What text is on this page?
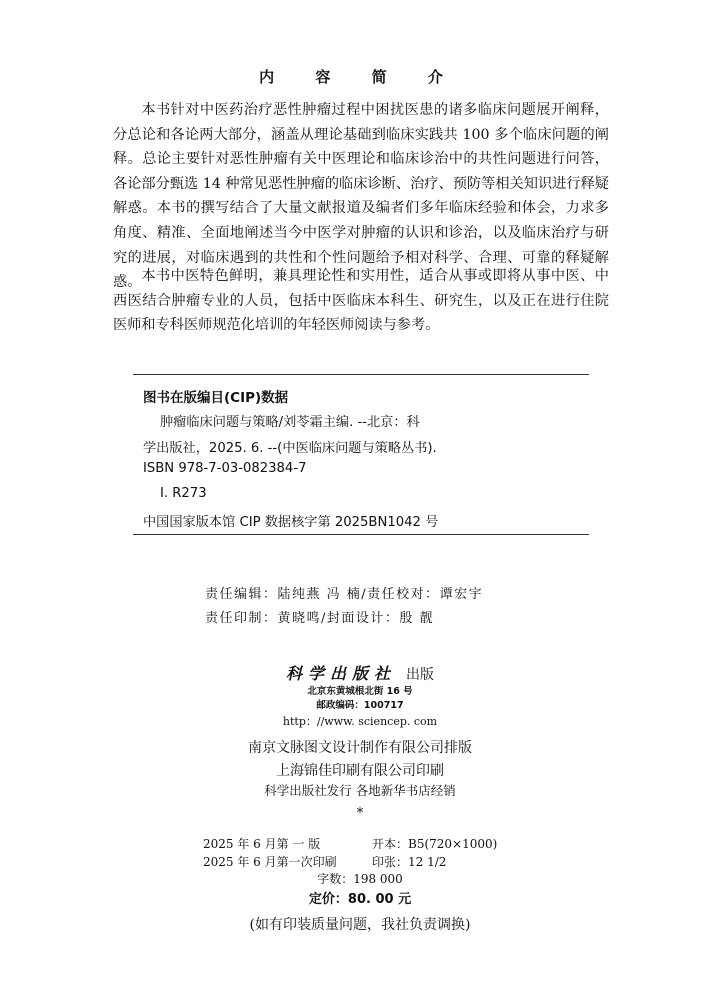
内 容 简 介

本书针对中医药治疗恶性肿瘤过程中困扰医患的诸多临床问题展开阐释，分总论和各论两大部分，涵盖从理论基础到临床实践共 100 多个临床问题的阐释。总论主要针对恶性肿瘤有关中医理论和临床诊治中的共性问题进行问答，各论部分甄选 14 种常见恶性肿瘤的临床诊断、治疗、预防等相关知识进行释疑解惑。本书的撰写结合了大量文献报道及编者们多年临床经验和体会，力求多角度、精准、全面地阐述当今中医学对肿瘤的认识和诊治，以及临床治疗与研究的进展，对临床遇到的共性和个性问题给予相对科学、合理、可靠的释疑解惑。 本书中医特色鲜明，兼具理论性和实用性，适合从事或即将从事中医、中西医结合肿瘤专业的人员，包括中医临床本科生、研究生，以及正在进行住院医师和专科医师规范化培训的年轻医师阅读与参考。

图书在版编目(CIP)数据

肿瘤临床问题与策略/刘苓霜主编. --北京：科

学出版社，2025. 6. --(中医临床问题与策略丛书).

ISBN 978-7-03-082384-7

Ⅰ. R273

中国国家版本馆 CIP 数据核字第 2025BN1042 号

责任编辑：陆纯燕 冯 楠/责任校对：谭宏宇
责任印制：黄晓鸣/封面设计：殷 靓
科学出版社 出版
北京东黄城根北街 16 号
邮政编码：100717
http：//www. sciencep. com
南京文脉图文设计制作有限公司排版
上海锦佳印刷有限公司印刷
科学出版社发行 各地新华书店经销
*
2025 年 6 月第 一 版	开本：B5(720×1000)
2025 年 6 月第一次印刷	印张：12 1/2
字数：198 000
定价：80. 00 元
(如有印装质量问题，我社负责调换)
